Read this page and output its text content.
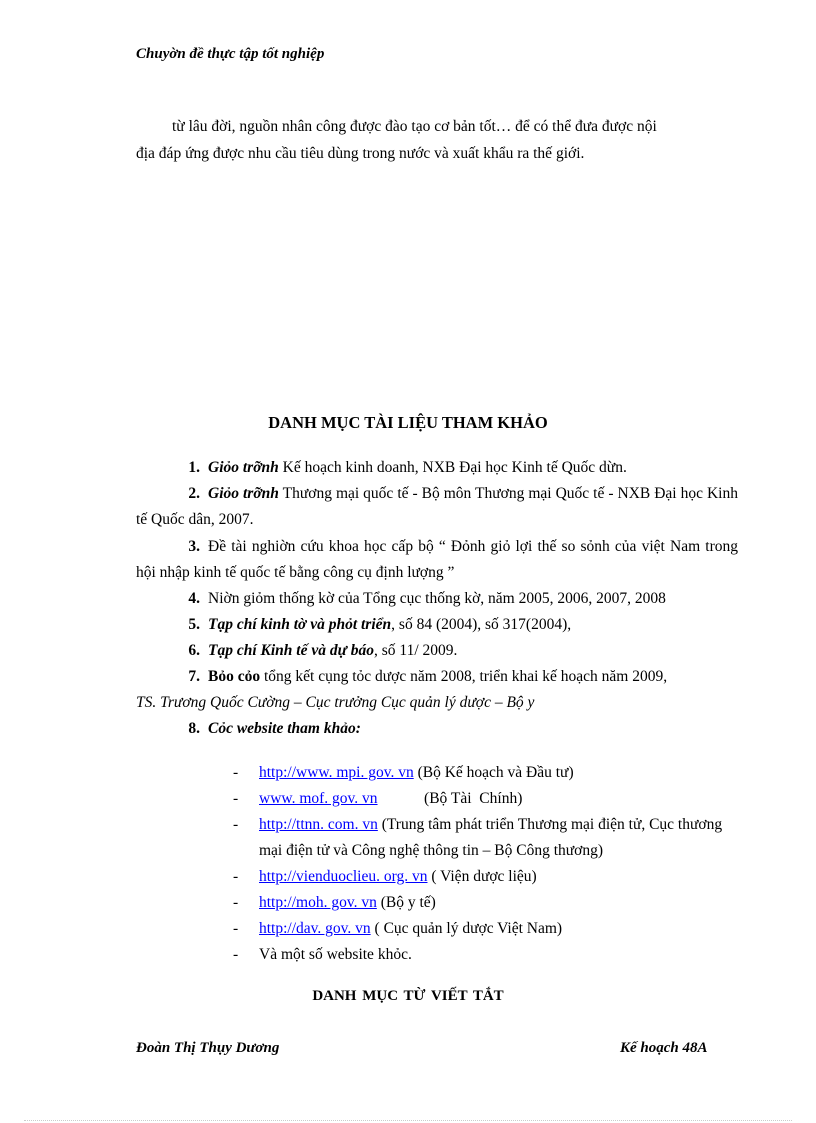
Chuyờn đề thực tập tốt nghiệp
từ lâu đời, nguồn nhân công được đào tạo cơ bản tốt… để có thể đưa được nội
địa đáp ứng được nhu cầu tiêu dùng trong nước và xuất khẩu ra thế giới.
DANH MỤC TÀI LIỆU THAM KHẢO
1. Giỏo trỡnh Kế hoạch kinh doanh, NXB Đại học Kinh tế Quốc dừn.
2. Giỏo trỡnh Thương mại quốc tế - Bộ môn Thương mại Quốc tế - NXB Đại học Kinh tế Quốc dân, 2007.
3. Đề tài nghiờn cứu khoa học cấp bộ “ Đỏnh giỏ lợi thế so sỏnh của việt Nam trong hội nhập kinh tế quốc tế bằng công cụ định lượng ”
4. Niờn giỏm thống kờ của Tổng cục thống kờ, năm 2005, 2006, 2007, 2008
5. Tạp chí kinh tờ và phỏt triển, số 84 (2004), số 317(2004),
6. Tạp chí Kinh tế và dự báo, số 11/ 2009.
7. Bỏo cỏo tổng kết cụng tỏc dược năm 2008, triển khai kế hoạch năm 2009,
TS. Trương Quốc Cường – Cục trưởng Cục quản lý dược – Bộ y
8. Cỏc website tham khảo:
- http://www. mpi. gov. vn (Bộ Kế hoạch và Đầu tư)
- www. mof. gov. vn            (Bộ Tài  Chính)
- http://ttnn. com. vn (Trung tâm phát triển Thương mại điện tử, Cục thương mại điện tử và Công nghệ thông tin – Bộ Công thương)
- http://vienduoclieu. org. vn ( Viện dược liệu)
- http://moh. gov. vn (Bộ y tế)
- http://dav. gov. vn ( Cục quản lý dược Việt Nam)
- Và một số website khỏc.
DANH MỤC TỪ VIẾT TẮT
Đoàn Thị Thụy Dương	Kế hoạch 48A
